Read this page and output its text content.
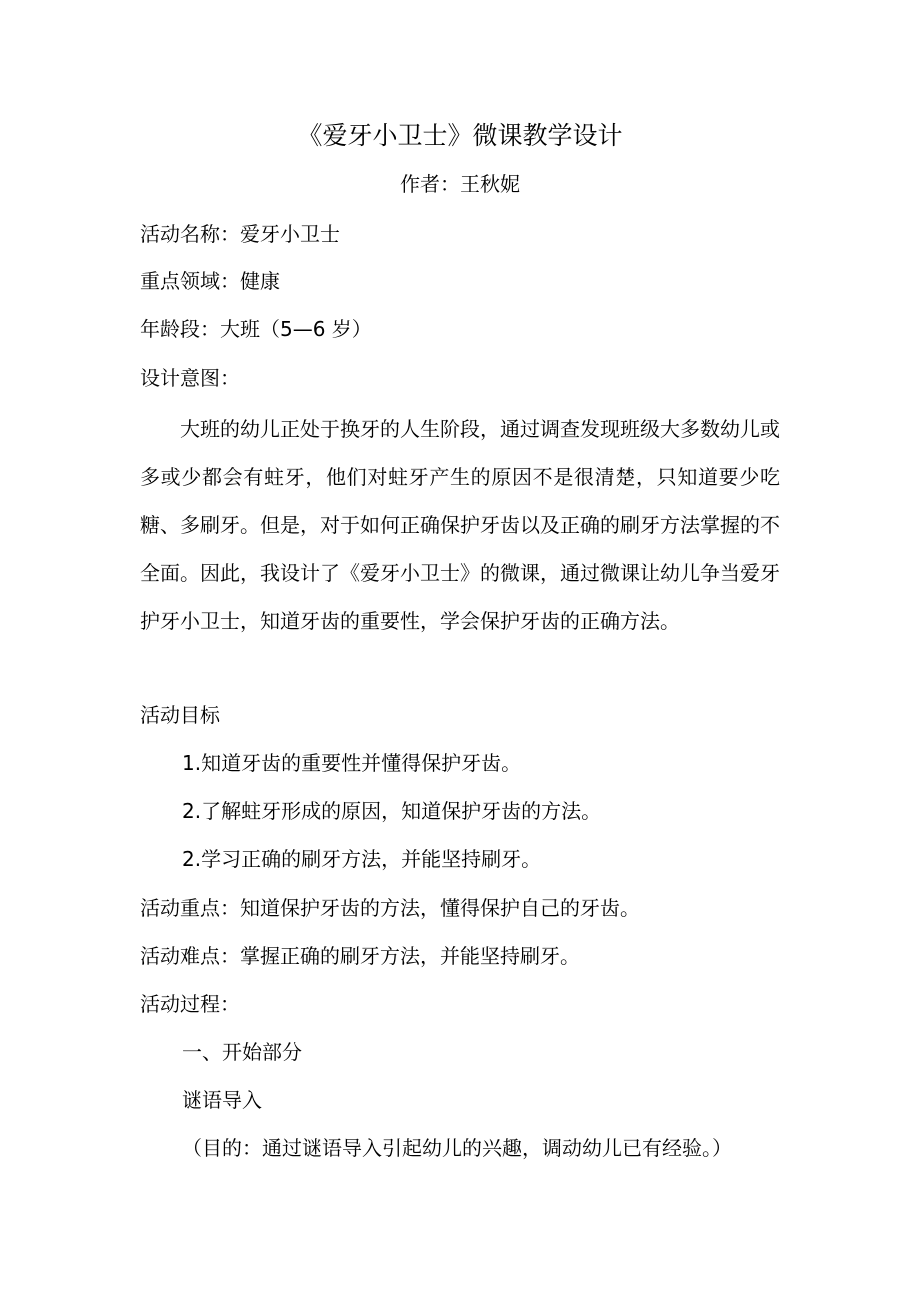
《爱牙小卫士》微课教学设计
作者：王秋妮
活动名称：爱牙小卫士
重点领域：健康
年龄段：大班（5—6 岁）
设计意图：
大班的幼儿正处于换牙的人生阶段，通过调查发现班级大多数幼儿或多或少都会有蛀牙，他们对蛀牙产生的原因不是很清楚，只知道要少吃糖、多刷牙。但是，对于如何正确保护牙齿以及正确的刷牙方法掌握的不全面。因此，我设计了《爱牙小卫士》的微课，通过微课让幼儿争当爱牙护牙小卫士，知道牙齿的重要性，学会保护牙齿的正确方法。
活动目标
1.知道牙齿的重要性并懂得保护牙齿。
2.了解蛀牙形成的原因，知道保护牙齿的方法。
2.学习正确的刷牙方法，并能坚持刷牙。
活动重点：知道保护牙齿的方法，懂得保护自己的牙齿。
活动难点：掌握正确的刷牙方法，并能坚持刷牙。
活动过程：
一、开始部分
谜语导入
（目的：通过谜语导入引起幼儿的兴趣，调动幼儿已有经验。）
